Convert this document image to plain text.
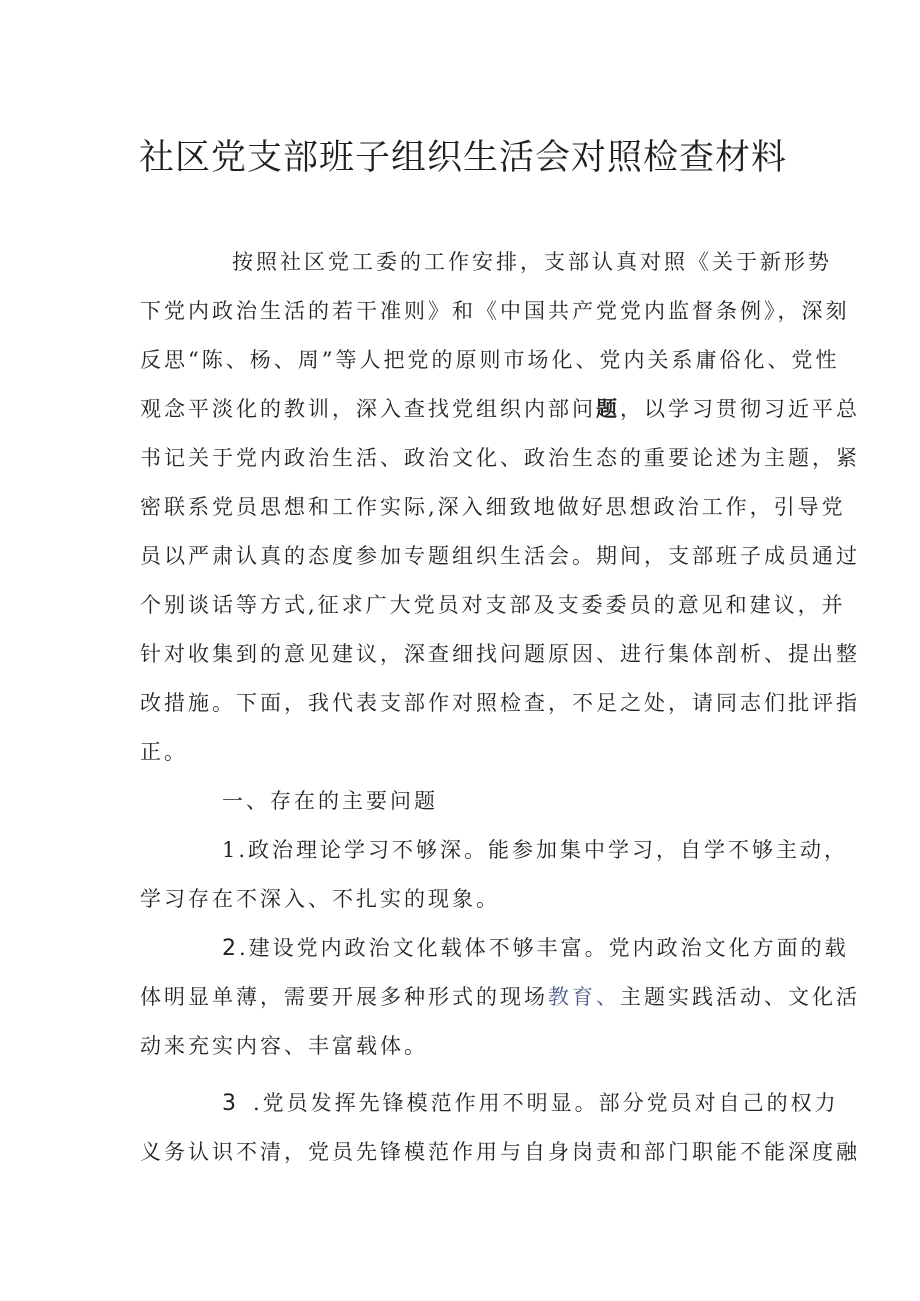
社区党支部班子组织生活会对照检查材料
按照社区党工委的工作安排，支部认真对照《关于新形势
下党内政治生活的若干准则》和《中国共产党党内监督条例》，深刻
反思“陈、杨、周”等人把党的原则市场化、党内关系庸俗化、党性
观念平淡化的教训，深入查找党组织内部问题，以学习贯彻习近平总
书记关于党内政治生活、政治文化、政治生态的重要论述为主题，紧
密联系党员思想和工作实际,深入细致地做好思想政治工作，引导党
员以严肃认真的态度参加专题组织生活会。期间，支部班子成员通过
个别谈话等方式,征求广大党员对支部及支委委员的意见和建议，并
针对收集到的意见建议，深查细找问题原因、进行集体剖析、提出整
改措施。下面，我代表支部作对照检查，不足之处，请同志们批评指
正。
一、存在的主要问题
1.政治理论学习不够深。能参加集中学习，自学不够主动，
学习存在不深入、不扎实的现象。
2.建设党内政治文化载体不够丰富。党内政治文化方面的载
体明显单薄，需要开展多种形式的现场教育、主题实践活动、文化活
动来充实内容、丰富载体。
3 .党员发挥先锋模范作用不明显。部分党员对自己的权力
义务认识不清，党员先锋模范作用与自身岗责和部门职能不能深度融
